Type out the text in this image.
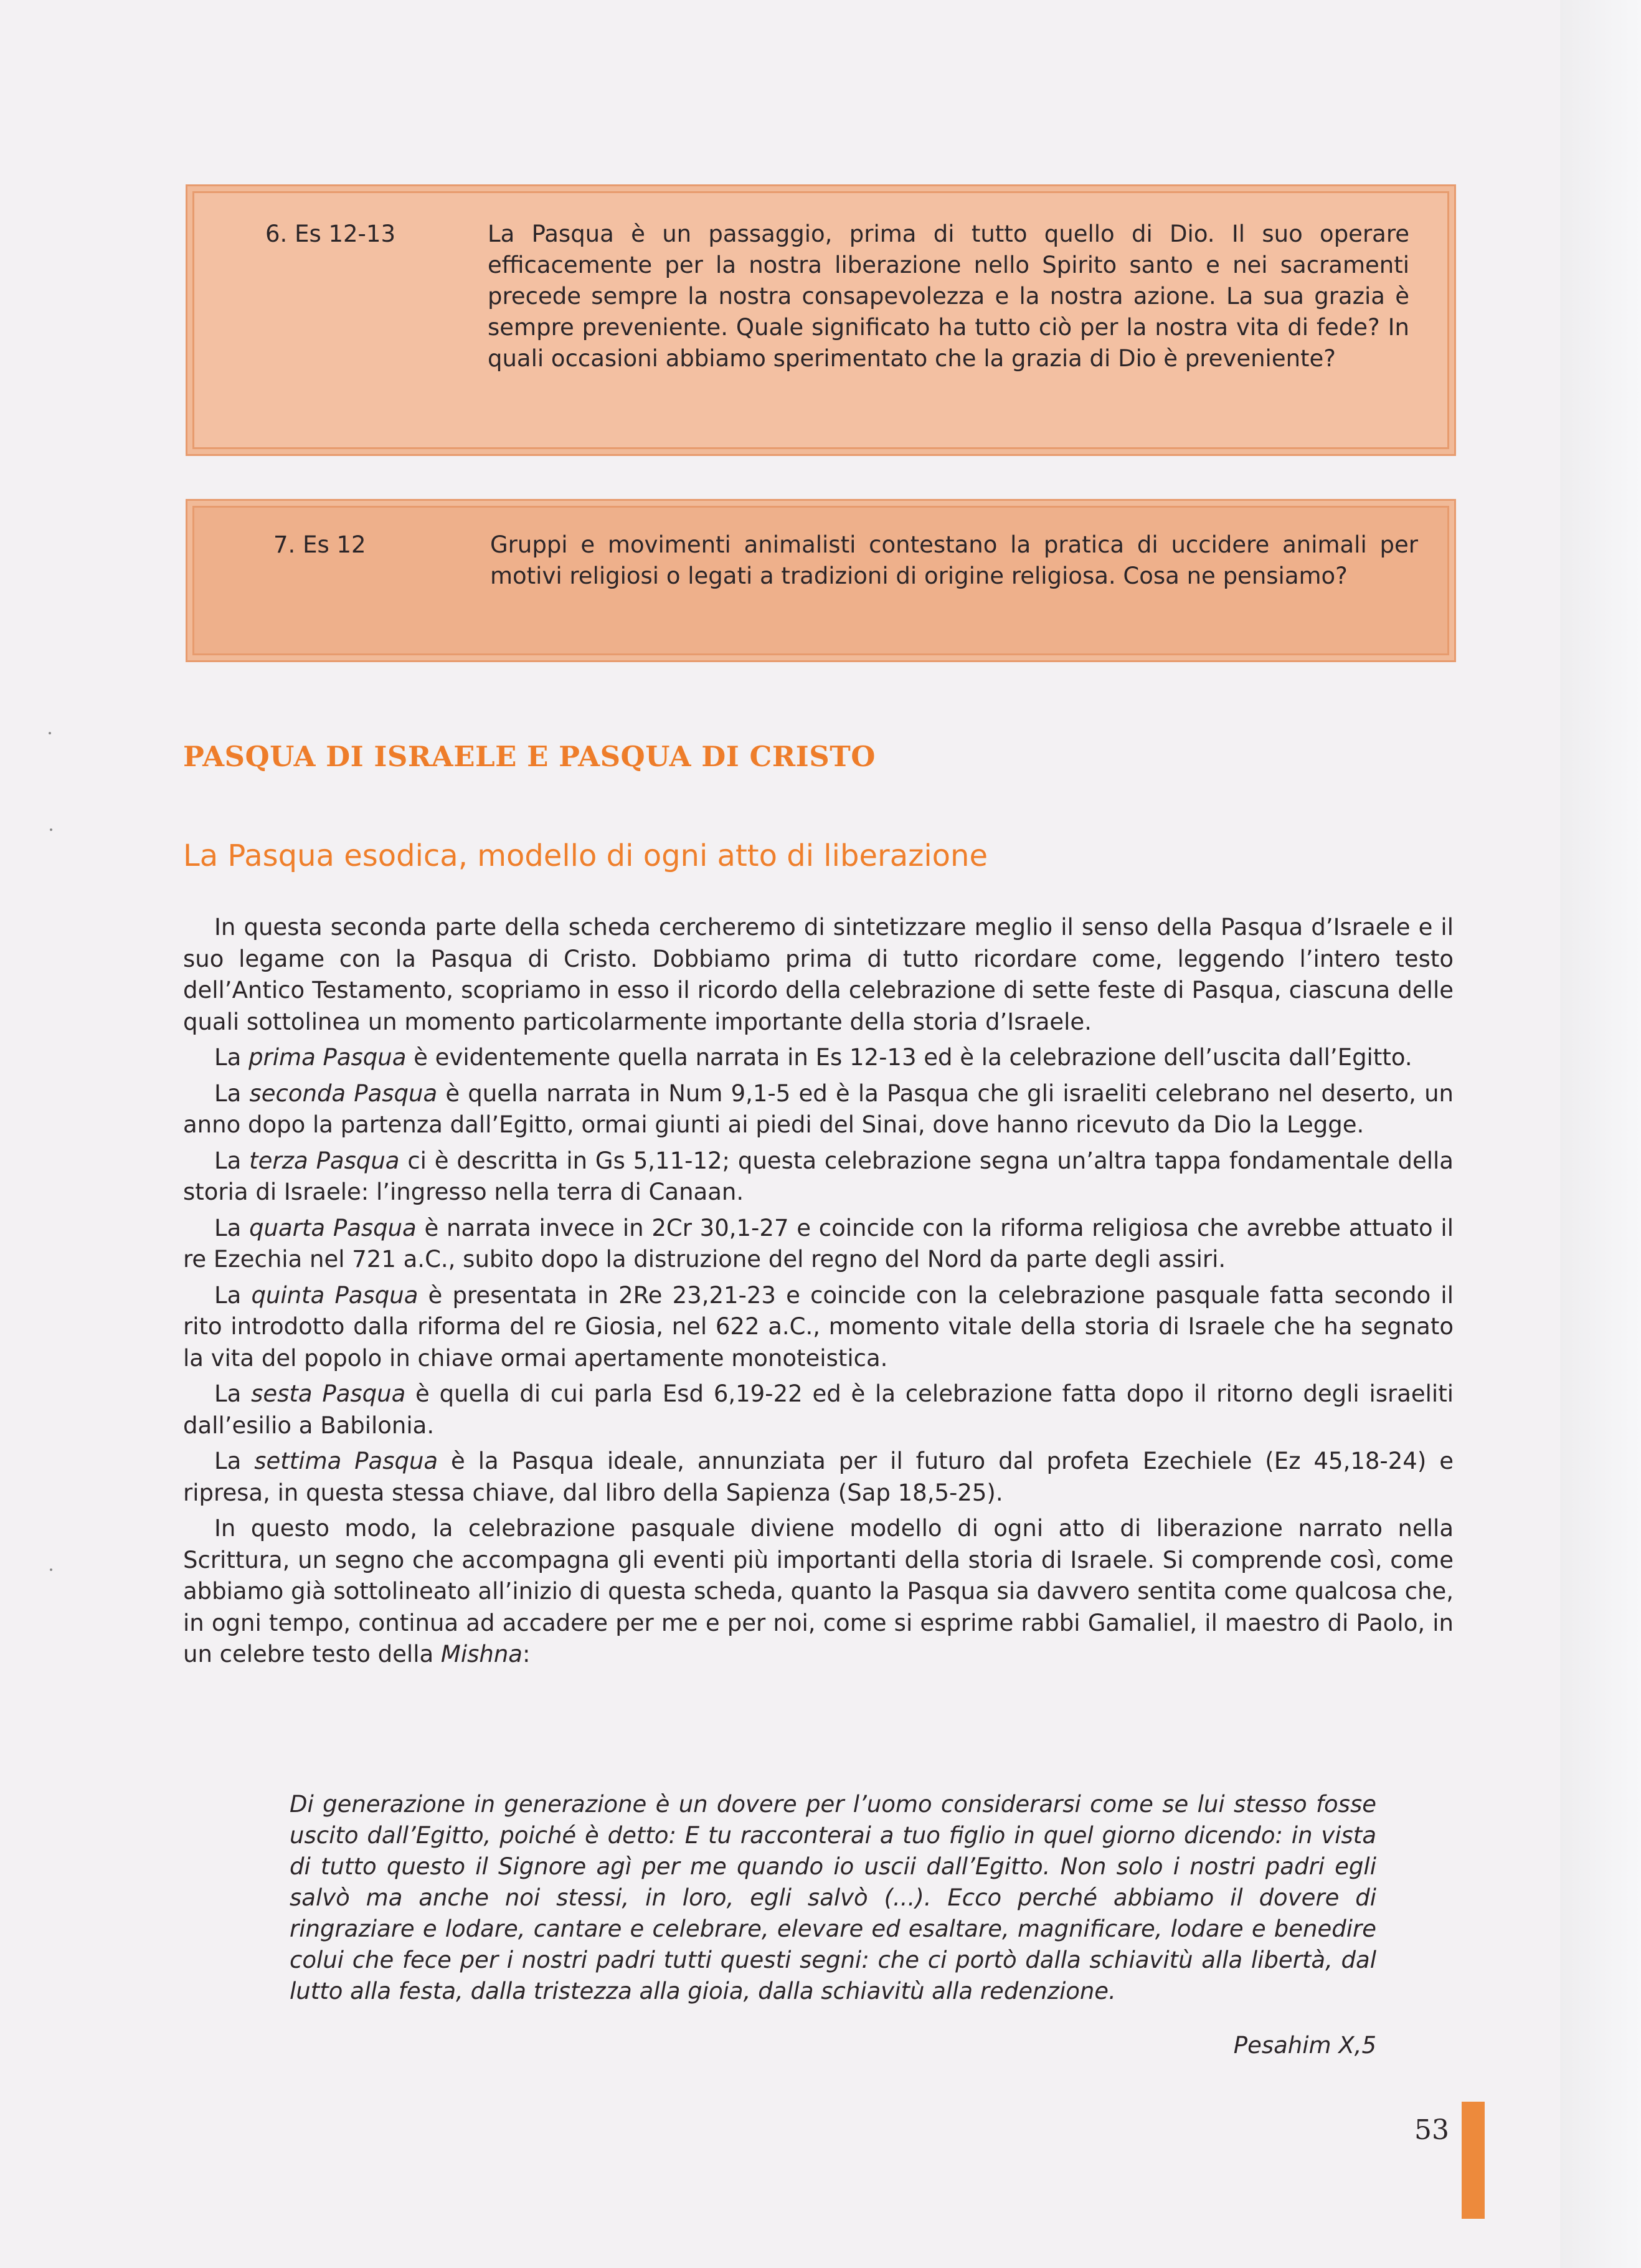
6. Es 12-13	La Pasqua è un passaggio, prima di tutto quello di Dio. Il suo operare efficacemente per la nostra liberazione nello Spirito santo e nei sacramenti precede sempre la nostra consapevolezza e la nostra azione. La sua grazia è sempre preveniente. Quale significato ha tutto ciò per la nostra vita di fede? In quali occasioni abbiamo sperimentato che la grazia di Dio è preveniente?
7. Es 12	Gruppi e movimenti animalisti contestano la pratica di uccidere animali per motivi religiosi o legati a tradizioni di origine religiosa. Cosa ne pensiamo?
PASQUA DI ISRAELE E PASQUA DI CRISTO
La Pasqua esodica, modello di ogni atto di liberazione

In questa seconda parte della scheda cercheremo di sintetizzare meglio il senso della Pasqua d’Israele e il suo legame con la Pasqua di Cristo. Dobbiamo prima di tutto ricordare come, leggendo l’intero testo dell’Antico Testamento, scopriamo in esso il ricordo della celebrazione di sette feste di Pasqua, ciascuna delle quali sottolinea un momento particolarmente importante della storia d’Israele.

La prima Pasqua è evidentemente quella narrata in Es 12-13 ed è la celebrazione dell’uscita dall’Egitto.

La seconda Pasqua è quella narrata in Num 9,1-5 ed è la Pasqua che gli israeliti celebrano nel deserto, un anno dopo la partenza dall’Egitto, ormai giunti ai piedi del Sinai, dove hanno ricevuto da Dio la Legge.

La terza Pasqua ci è descritta in Gs 5,11-12; questa celebrazione segna un’altra tappa fondamentale della storia di Israele: l’ingresso nella terra di Canaan.

La quarta Pasqua è narrata invece in 2Cr 30,1-27 e coincide con la riforma religiosa che avrebbe attuato il re Ezechia nel 721 a.C., subito dopo la distruzione del regno del Nord da parte degli assiri.

La quinta Pasqua è presentata in 2Re 23,21-23 e coincide con la celebrazione pasquale fatta secondo il rito introdotto dalla riforma del re Giosia, nel 622 a.C., momento vitale della storia di Israele che ha segnato la vita del popolo in chiave ormai apertamente monoteistica.

La sesta Pasqua è quella di cui parla Esd 6,19-22 ed è la celebrazione fatta dopo il ritorno degli israeliti dall’esilio a Babilonia.

La settima Pasqua è la Pasqua ideale, annunziata per il futuro dal profeta Ezechiele (Ez 45,18-24) e ripresa, in questa stessa chiave, dal libro della Sapienza (Sap 18,5-25).

In questo modo, la celebrazione pasquale diviene modello di ogni atto di liberazione narrato nella Scrittura, un segno che accompagna gli eventi più importanti della storia di Israele. Si comprende così, come abbiamo già sottolineato all’inizio di questa scheda, quanto la Pasqua sia davvero sentita come qualcosa che, in ogni tempo, continua ad accadere per me e per noi, come si esprime rabbi Gamaliel, il maestro di Paolo, in un celebre testo della Mishna:

Di generazione in generazione è un dovere per l’uomo considerarsi come se lui stesso fosse uscito dall’Egitto, poiché è detto: E tu racconterai a tuo figlio in quel giorno dicendo: in vista di tutto questo il Signore agì per me quando io uscii dall’Egitto. Non solo i nostri padri egli salvò ma anche noi stessi, in loro, egli salvò (...). Ecco perché abbiamo il dovere di ringraziare e lodare, cantare e celebrare, elevare ed esaltare, magnificare, lodare e benedire colui che fece per i nostri padri tutti questi segni: che ci portò dalla schiavitù alla libertà, dal lutto alla festa, dalla tristezza alla gioia, dalla schiavitù alla redenzione.

Pesahim X,5
53
